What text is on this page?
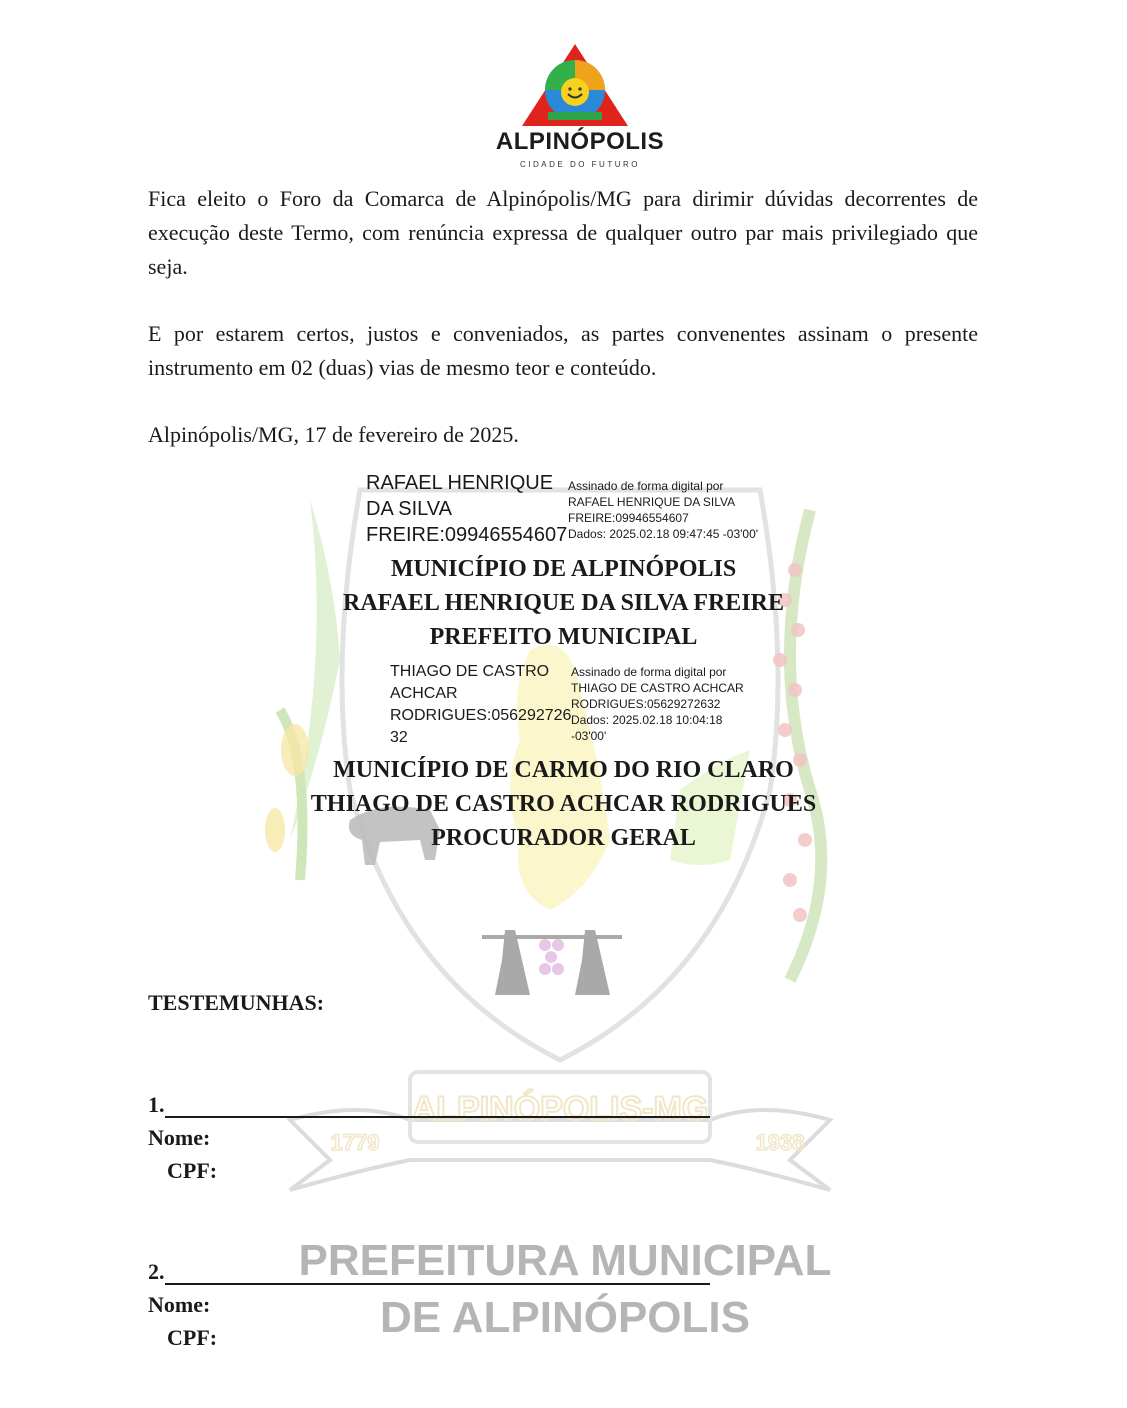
ALPINÓPOLIS-MG
1779	1938
PREFEITURA MUNICIPAL
DE ALPINÓPOLIS
ALPINÓPOLIS
CIDADE DO FUTURO
Fica eleito o Foro da Comarca de Alpinópolis/MG para dirimir dúvidas decorrentes de execução deste Termo, com renúncia expressa de qualquer outro par mais privilegiado que seja.
E por estarem certos, justos e conveniados, as partes convenentes assinam o presente instrumento em 02 (duas) vias de mesmo teor e conteúdo.
Alpinópolis/MG, 17 de fevereiro de 2025.
RAFAEL HENRIQUE
DA SILVA
FREIRE:09946554607
Assinado de forma digital por
RAFAEL HENRIQUE DA SILVA
FREIRE:09946554607
Dados: 2025.02.18 09:47:45 -03'00'
MUNICÍPIO DE ALPINÓPOLIS
RAFAEL HENRIQUE DA SILVA FREIRE
PREFEITO MUNICIPAL
THIAGO DE CASTRO
ACHCAR
RODRIGUES:056292726
32
Assinado de forma digital por
THIAGO DE CASTRO ACHCAR
RODRIGUES:05629272632
Dados: 2025.02.18 10:04:18
-03'00'
MUNICÍPIO DE CARMO DO RIO CLARO
THIAGO DE CASTRO ACHCAR RODRIGUES
PROCURADOR GERAL
TESTEMUNHAS:
1.
Nome:
CPF:
2.
Nome:
CPF:
